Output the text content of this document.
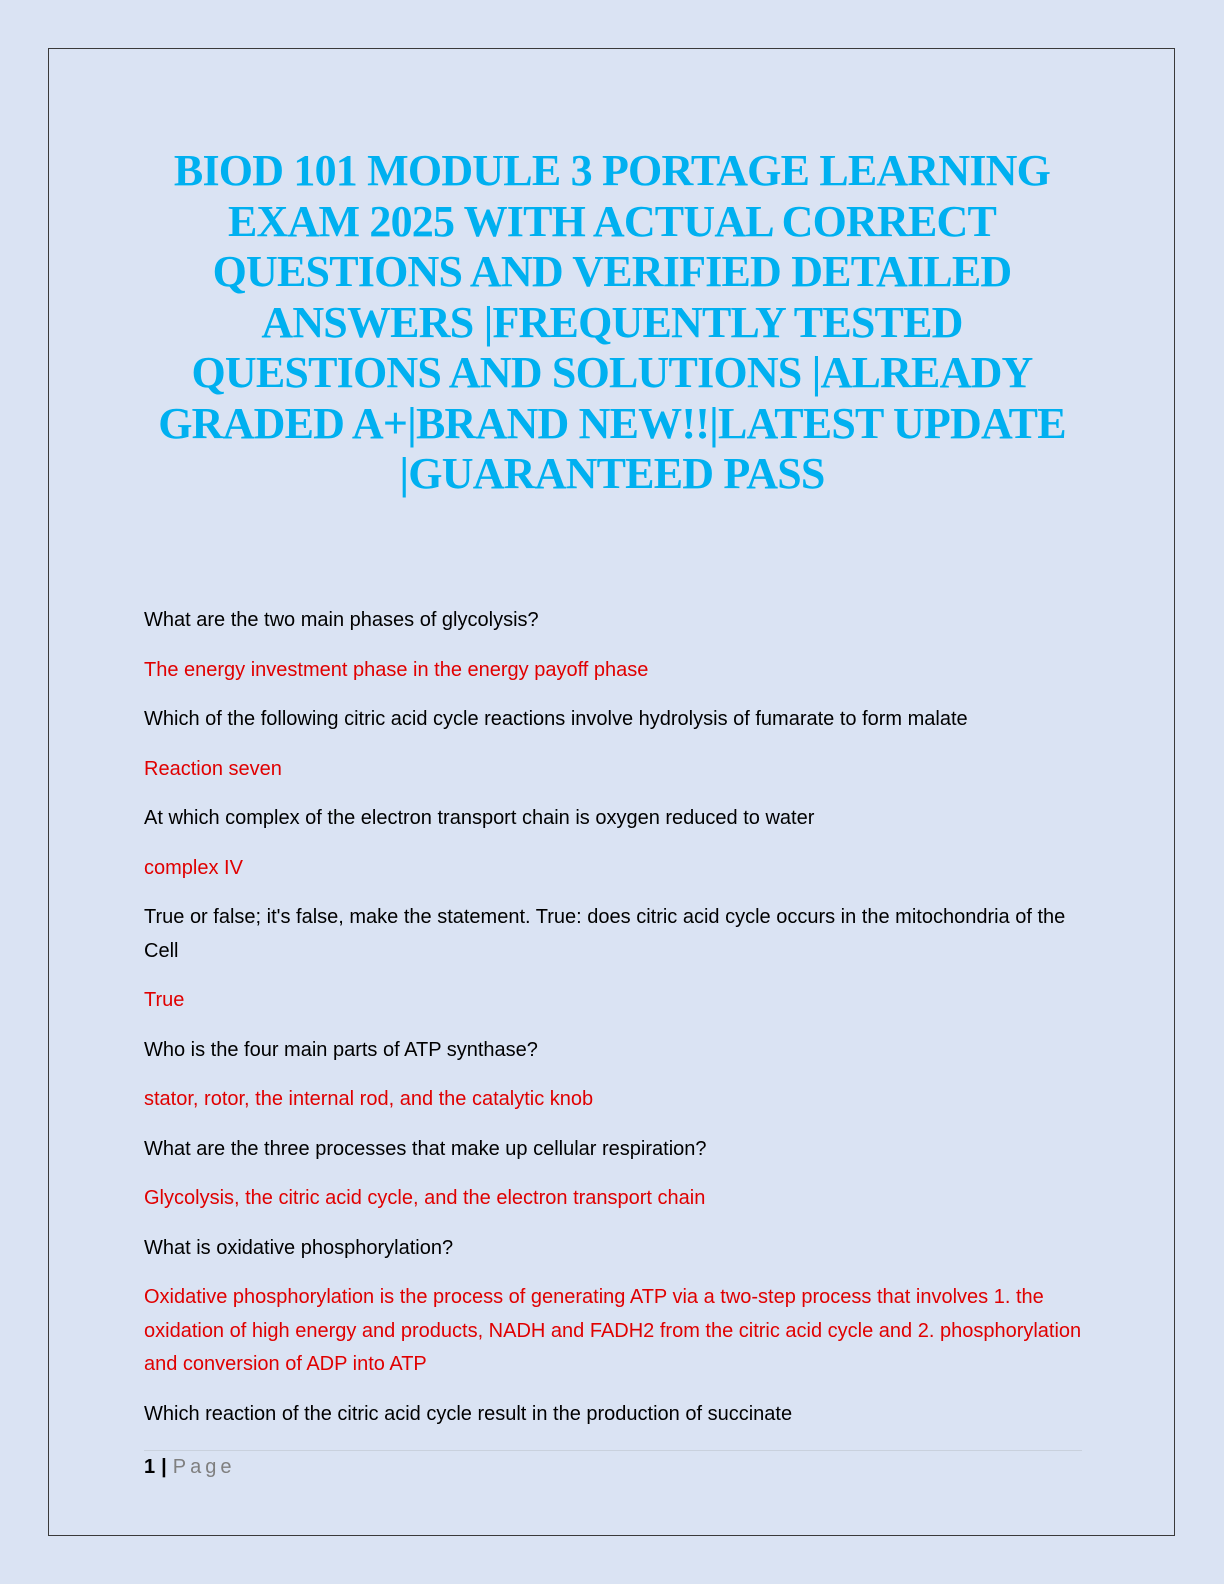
BIOD 101 MODULE 3 PORTAGE LEARNING EXAM 2025 WITH ACTUAL CORRECT QUESTIONS AND VERIFIED DETAILED ANSWERS |FREQUENTLY TESTED QUESTIONS AND SOLUTIONS |ALREADY GRADED A+|BRAND NEW!!|LATEST UPDATE |GUARANTEED PASS

What are the two main phases of glycolysis?

The energy investment phase in the energy payoff phase

Which of the following citric acid cycle reactions involve hydrolysis of fumarate to form malate

Reaction seven

At which complex of the electron transport chain is oxygen reduced to water

complex IV

True or false; it's false, make the statement. True: does citric acid cycle occurs in the mitochondria of the Cell

True

Who is the four main parts of ATP synthase?

stator, rotor, the internal rod, and the catalytic knob

What are the three processes that make up cellular respiration?

Glycolysis, the citric acid cycle, and the electron transport chain

What is oxidative phosphorylation?

Oxidative phosphorylation is the process of generating ATP via a two-step process that involves 1. the oxidation of high energy and products, NADH and FADH2 from the citric acid cycle and 2. phosphorylation and conversion of ADP into ATP

Which reaction of the citric acid cycle result in the production of succinate

1 | Page
